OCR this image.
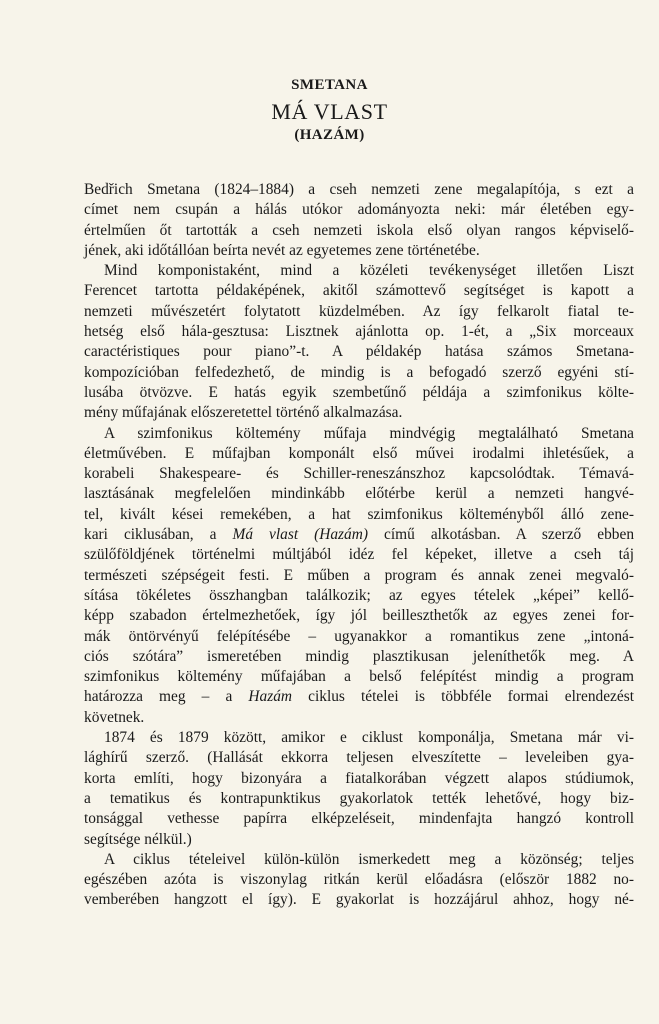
SMETANA
MÁ VLAST
(HAZÁM)
Bedřich Smetana (1824–1884) a cseh nemzeti zene megalapítója, s ezt a
címet nem csupán a hálás utókor adományozta neki: már életében egy-
értelműen őt tartották a cseh nemzeti iskola első olyan rangos képviselő-
jének, aki időtállóan beírta nevét az egyetemes zene történetébe.
Mind komponistaként, mind a közéleti tevékenységet illetően Liszt
Ferencet tartotta példaképének, akitől számottevő segítséget is kapott a
nemzeti művészetért folytatott küzdelmében. Az így felkarolt fiatal te-
hetség első hála-gesztusa: Lisztnek ajánlotta op. 1-ét, a „Six morceaux
caractéristiques pour piano”-t. A példakép hatása számos Smetana-
kompozícióban felfedezhető, de mindig is a befogadó szerző egyéni stí-
lusába ötvözve. E hatás egyik szembetűnő példája a szimfonikus költe-
mény műfajának előszeretettel történő alkalmazása.
A szimfonikus költemény műfaja mindvégig megtalálható Smetana
életművében. E műfajban komponált első művei irodalmi ihletésűek, a
korabeli Shakespeare- és Schiller-reneszánszhoz kapcsolódtak. Témavá-
lasztásának megfelelően mindinkább előtérbe kerül a nemzeti hangvé-
tel, kivált kései remekében, a hat szimfonikus költeményből álló zene-
kari ciklusában, a Má vlast (Hazám) című alkotásban. A szerző ebben
szülőföldjének történelmi múltjából idéz fel képeket, illetve a cseh táj
természeti szépségeit festi. E műben a program és annak zenei megvaló-
sítása tökéletes összhangban találkozik; az egyes tételek „képei” kellő-
képp szabadon értelmezhetőek, így jól beilleszthetők az egyes zenei for-
mák öntörvényű felépítésébe – ugyanakkor a romantikus zene „intoná-
ciós szótára” ismeretében mindig plasztikusan jeleníthetők meg. A
szimfonikus költemény műfajában a belső felépítést mindig a program
határozza meg – a Hazám ciklus tételei is többféle formai elrendezést
követnek.
1874 és 1879 között, amikor e ciklust komponálja, Smetana már vi-
lághírű szerző. (Hallását ekkorra teljesen elveszítette – leveleiben gya-
korta említi, hogy bizonyára a fiatalkorában végzett alapos stúdiumok,
a tematikus és kontrapunktikus gyakorlatok tették lehetővé, hogy biz-
tonsággal vethesse papírra elképzeléseit, mindenfajta hangzó kontroll
segítsége nélkül.)
A ciklus tételeivel külön-külön ismerkedett meg a közönség; teljes
egészében azóta is viszonylag ritkán kerül előadásra (először 1882 no-
vemberében hangzott el így). E gyakorlat is hozzájárul ahhoz, hogy né-
